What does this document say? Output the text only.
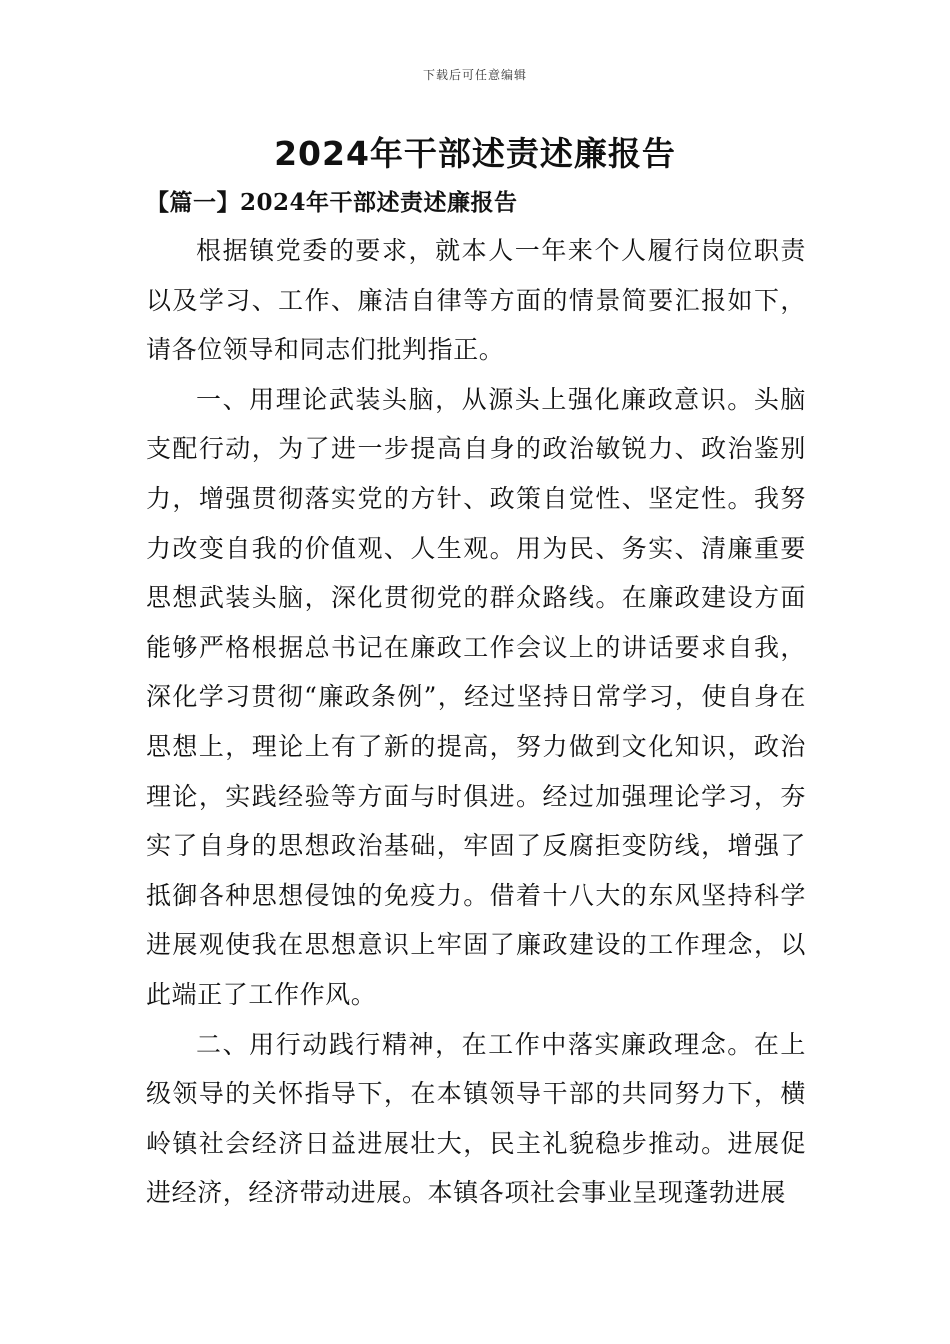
下载后可任意编辑
2024年干部述责述廉报告
【篇一】2024年干部述责述廉报告

根据镇党委的要求，就本人一年来个人履行岗位职责以及学习、工作、廉洁自律等方面的情景简要汇报如下，请各位领导和同志们批判指正。

一、用理论武装头脑，从源头上强化廉政意识。头脑支配行动，为了进一步提高自身的政治敏锐力、政治鉴别力，增强贯彻落实党的方针、政策自觉性、坚定性。我努力改变自我的价值观、人生观。用为民、务实、清廉重要思想武装头脑，深化贯彻党的群众路线。在廉政建设方面能够严格根据总书记在廉政工作会议上的讲话要求自我，深化学习贯彻“廉政条例”，经过坚持日常学习，使自身在思想上，理论上有了新的提高，努力做到文化知识，政治理论，实践经验等方面与时俱进。经过加强理论学习，夯实了自身的思想政治基础，牢固了反腐拒变防线，增强了抵御各种思想侵蚀的免疫力。借着十八大的东风坚持科学进展观使我在思想意识上牢固了廉政建设的工作理念，以此端正了工作作风。

二、用行动践行精神，在工作中落实廉政理念。在上级领导的关怀指导下，在本镇领导干部的共同努力下，横岭镇社会经济日益进展壮大，民主礼貌稳步推动。进展促进经济，经济带动进展。本镇各项社会事业呈现蓬勃进展
